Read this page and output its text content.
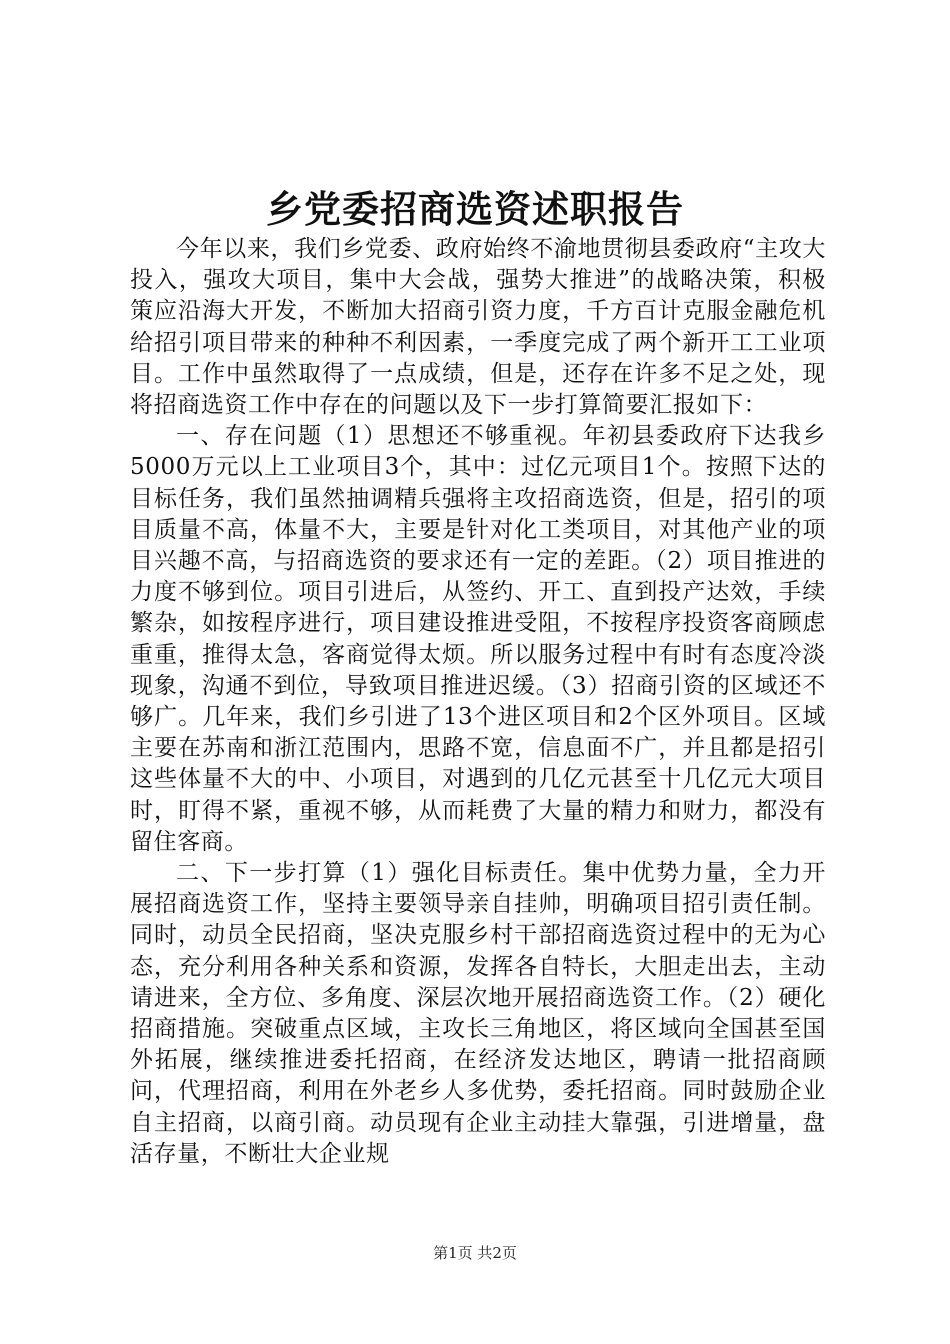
乡党委招商选资述职报告

今年以来，我们乡党委、政府始终不渝地贯彻县委政府“主攻大投入，强攻大项目，集中大会战，强势大推进”的战略决策，积极策应沿海大开发，不断加大招商引资力度，千方百计克服金融危机给招引项目带来的种种不利因素，一季度完成了两个新开工工业项目。工作中虽然取得了一点成绩，但是，还存在许多不足之处，现将招商选资工作中存在的问题以及下一步打算简要汇报如下：

一、存在问题（1）思想还不够重视。年初县委政府下达我乡5000万元以上工业项目3个，其中：过亿元项目1个。按照下达的目标任务，我们虽然抽调精兵强将主攻招商选资，但是，招引的项目质量不高，体量不大，主要是针对化工类项目，对其他产业的项目兴趣不高，与招商选资的要求还有一定的差距。（2）项目推进的力度不够到位。项目引进后，从签约、开工、直到投产达效，手续繁杂，如按程序进行，项目建设推进受阻，不按程序投资客商顾虑重重，推得太急，客商觉得太烦。所以服务过程中有时有态度冷淡现象，沟通不到位，导致项目推进迟缓。（3）招商引资的区域还不够广。几年来，我们乡引进了13个进区项目和2个区外项目。区域主要在苏南和浙江范围内，思路不宽，信息面不广，并且都是招引这些体量不大的中、小项目，对遇到的几亿元甚至十几亿元大项目时，盯得不紧，重视不够，从而耗费了大量的精力和财力，都没有留住客商。

二、下一步打算（1）强化目标责任。集中优势力量，全力开展招商选资工作，坚持主要领导亲自挂帅，明确项目招引责任制。同时，动员全民招商，坚决克服乡村干部招商选资过程中的无为心态，充分利用各种关系和资源，发挥各自特长，大胆走出去，主动请进来，全方位、多角度、深层次地开展招商选资工作。（2）硬化招商措施。突破重点区域，主攻长三角地区，将区域向全国甚至国外拓展，继续推进委托招商，在经济发达地区，聘请一批招商顾问，代理招商，利用在外老乡人多优势，委托招商。同时鼓励企业自主招商，以商引商。动员现有企业主动挂大靠强，引进增量，盘活存量，不断壮大企业规

第1页 共2页
